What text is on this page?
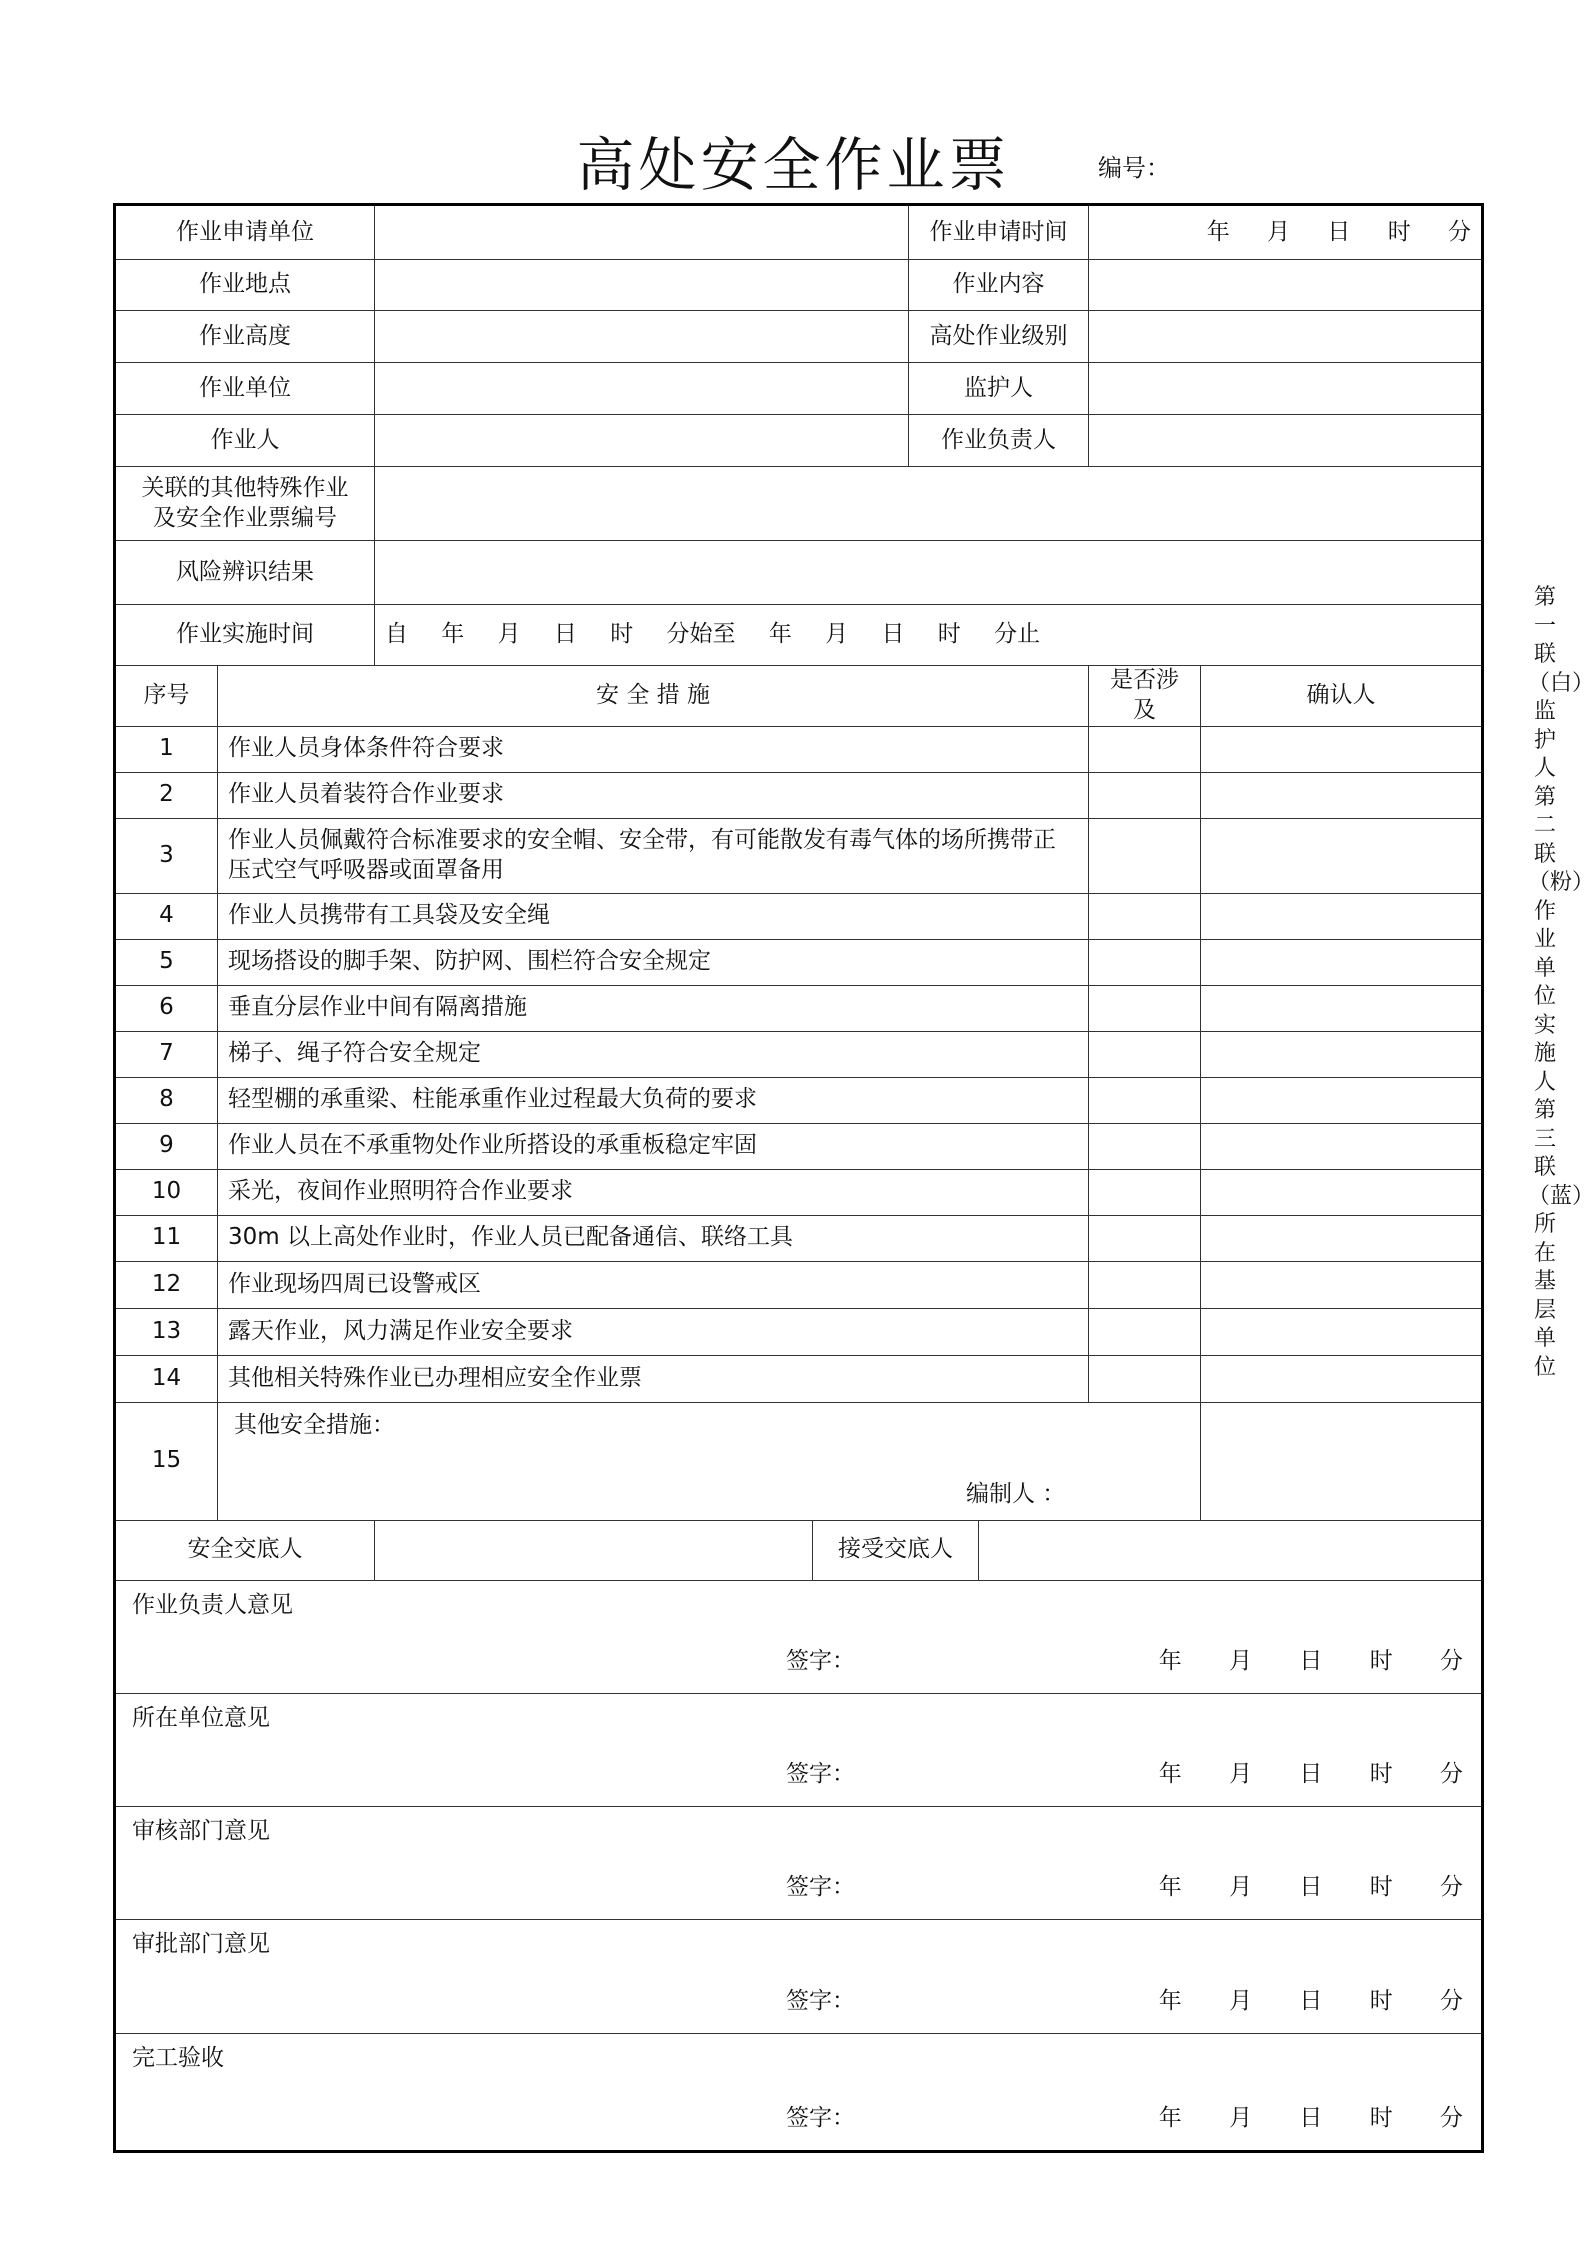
高处安全作业票	编号：
作业申请单位				作业申请时间		年 月 日 时 分	
作业地点				作业内容			
作业高度				高处作业级别			
作业单位				监护人			
作业人				作业负责人			

关联的其他特殊作业
及安全作业票编号							

风险辨识结果							
作业实施时间		自 年 月 日 时 分始至 年 月 日 时 分止					
序号	安 全 措 施					是否涉及	确认人
1	作业人员身体条件符合要求						
2	作业人员着装符合作业要求						
3	作业人员佩戴符合标准要求的安全帽、安全带，有可能散发有毒气体的场所携带正压式空气呼吸器或面罩备用						
4	作业人员携带有工具袋及安全绳						
5	现场搭设的脚手架、防护网、围栏符合安全规定						
6	垂直分层作业中间有隔离措施						
7	梯子、绳子符合安全规定						
8	轻型棚的承重梁、柱能承重作业过程最大负荷的要求						
9	作业人员在不承重物处作业所搭设的承重板稳定牢固						
10	采光，夜间作业照明符合作业要求						
11	30m 以上高处作业时，作业人员已配备通信、联络工具						
12	作业现场四周已设警戒区						
13	露天作业，风力满足作业安全要求						
14	其他相关特殊作业已办理相应安全作业票						
15	其他安全措施：
编制人 ：						

安全交底人			接受交底人				

作业负责人意见
签字： 年 月 日 时 分							

所在单位意见
签字： 年 月 日 时 分							

审核部门意见
签字： 年 月 日 时 分							

审批部门意见
签字： 年 月 日 时 分							

完工验收
签字： 年 月 日 时 分							
第一联（白）监护人 第二联（粉）作业单位实施人 第三联（蓝）所在基层单位
